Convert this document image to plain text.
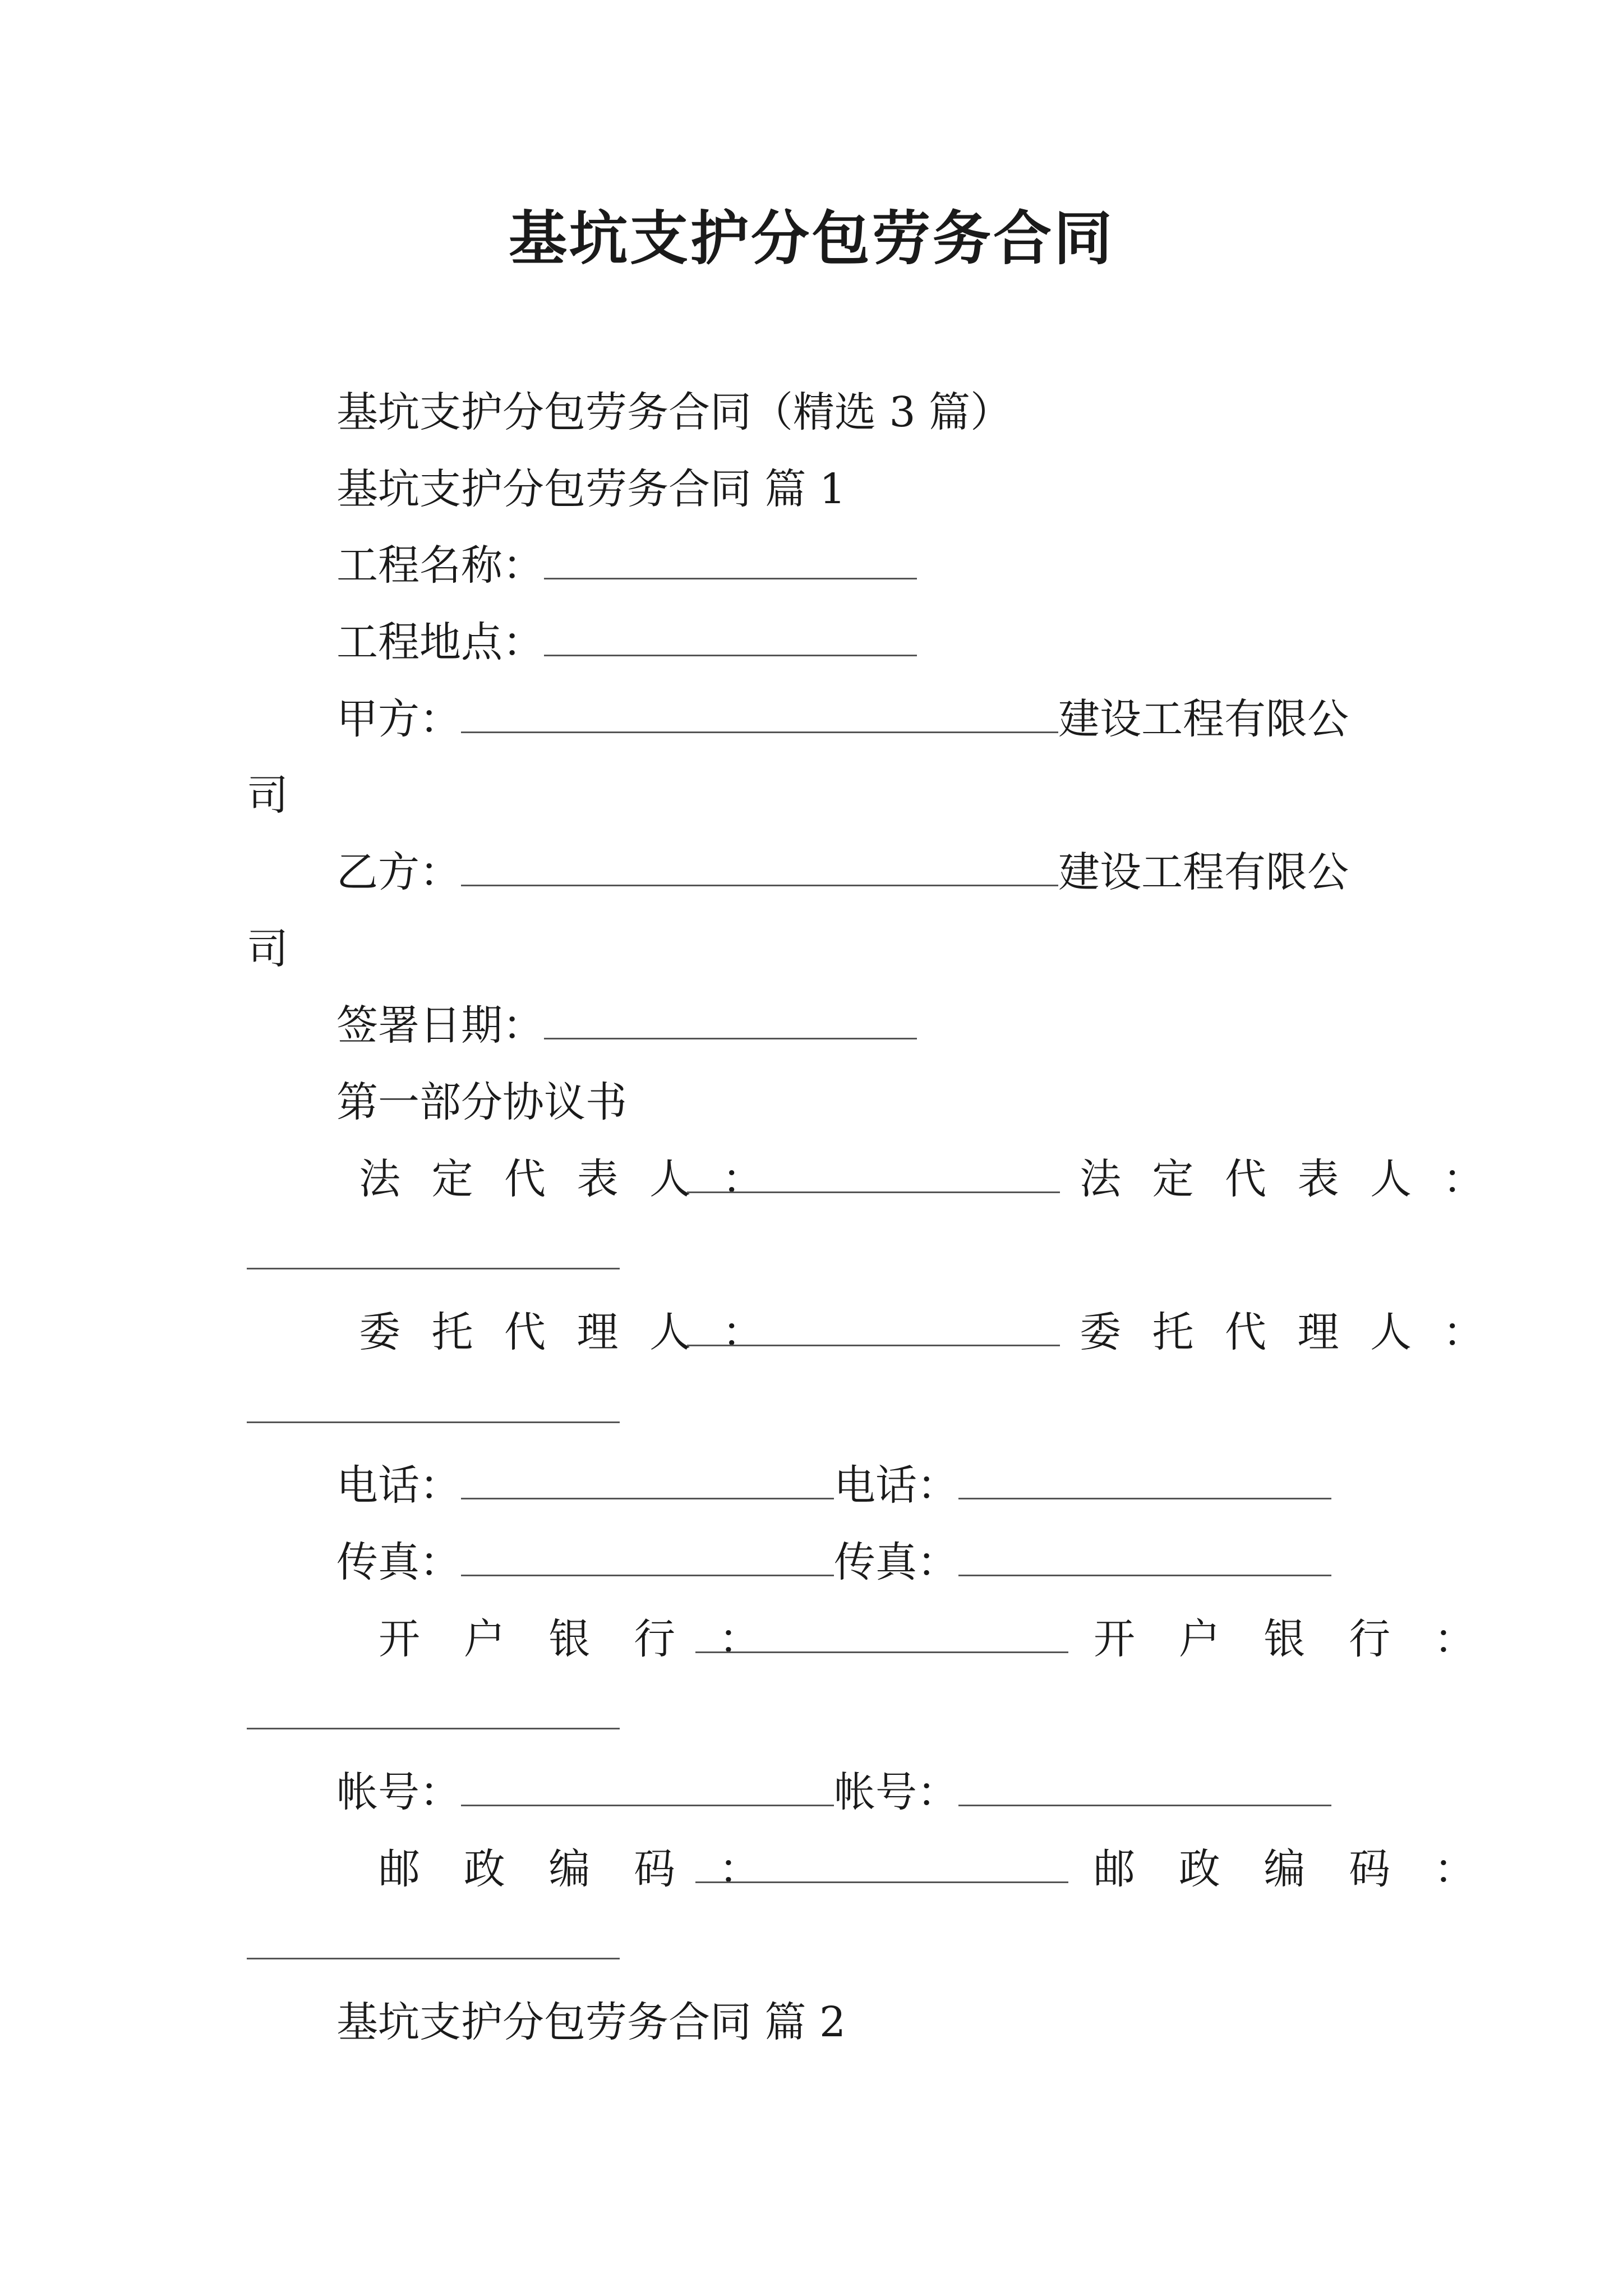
基坑支护分包劳务合同
基坑支护分包劳务合同（精选 3 篇）
基坑支护分包劳务合同 篇 1
工程名称：
工程地点：
甲方：	建设工程有限公
司
乙方：	建设工程有限公
司
签署日期：
第一部分协议书
法定代表人：	法定代表人：
委托代理人：	委托代理人：
电话：	电话：
传真：	传真：
开户银行：	开户银行：
帐号：	帐号：
邮政编码：	邮政编码：
基坑支护分包劳务合同 篇 2
